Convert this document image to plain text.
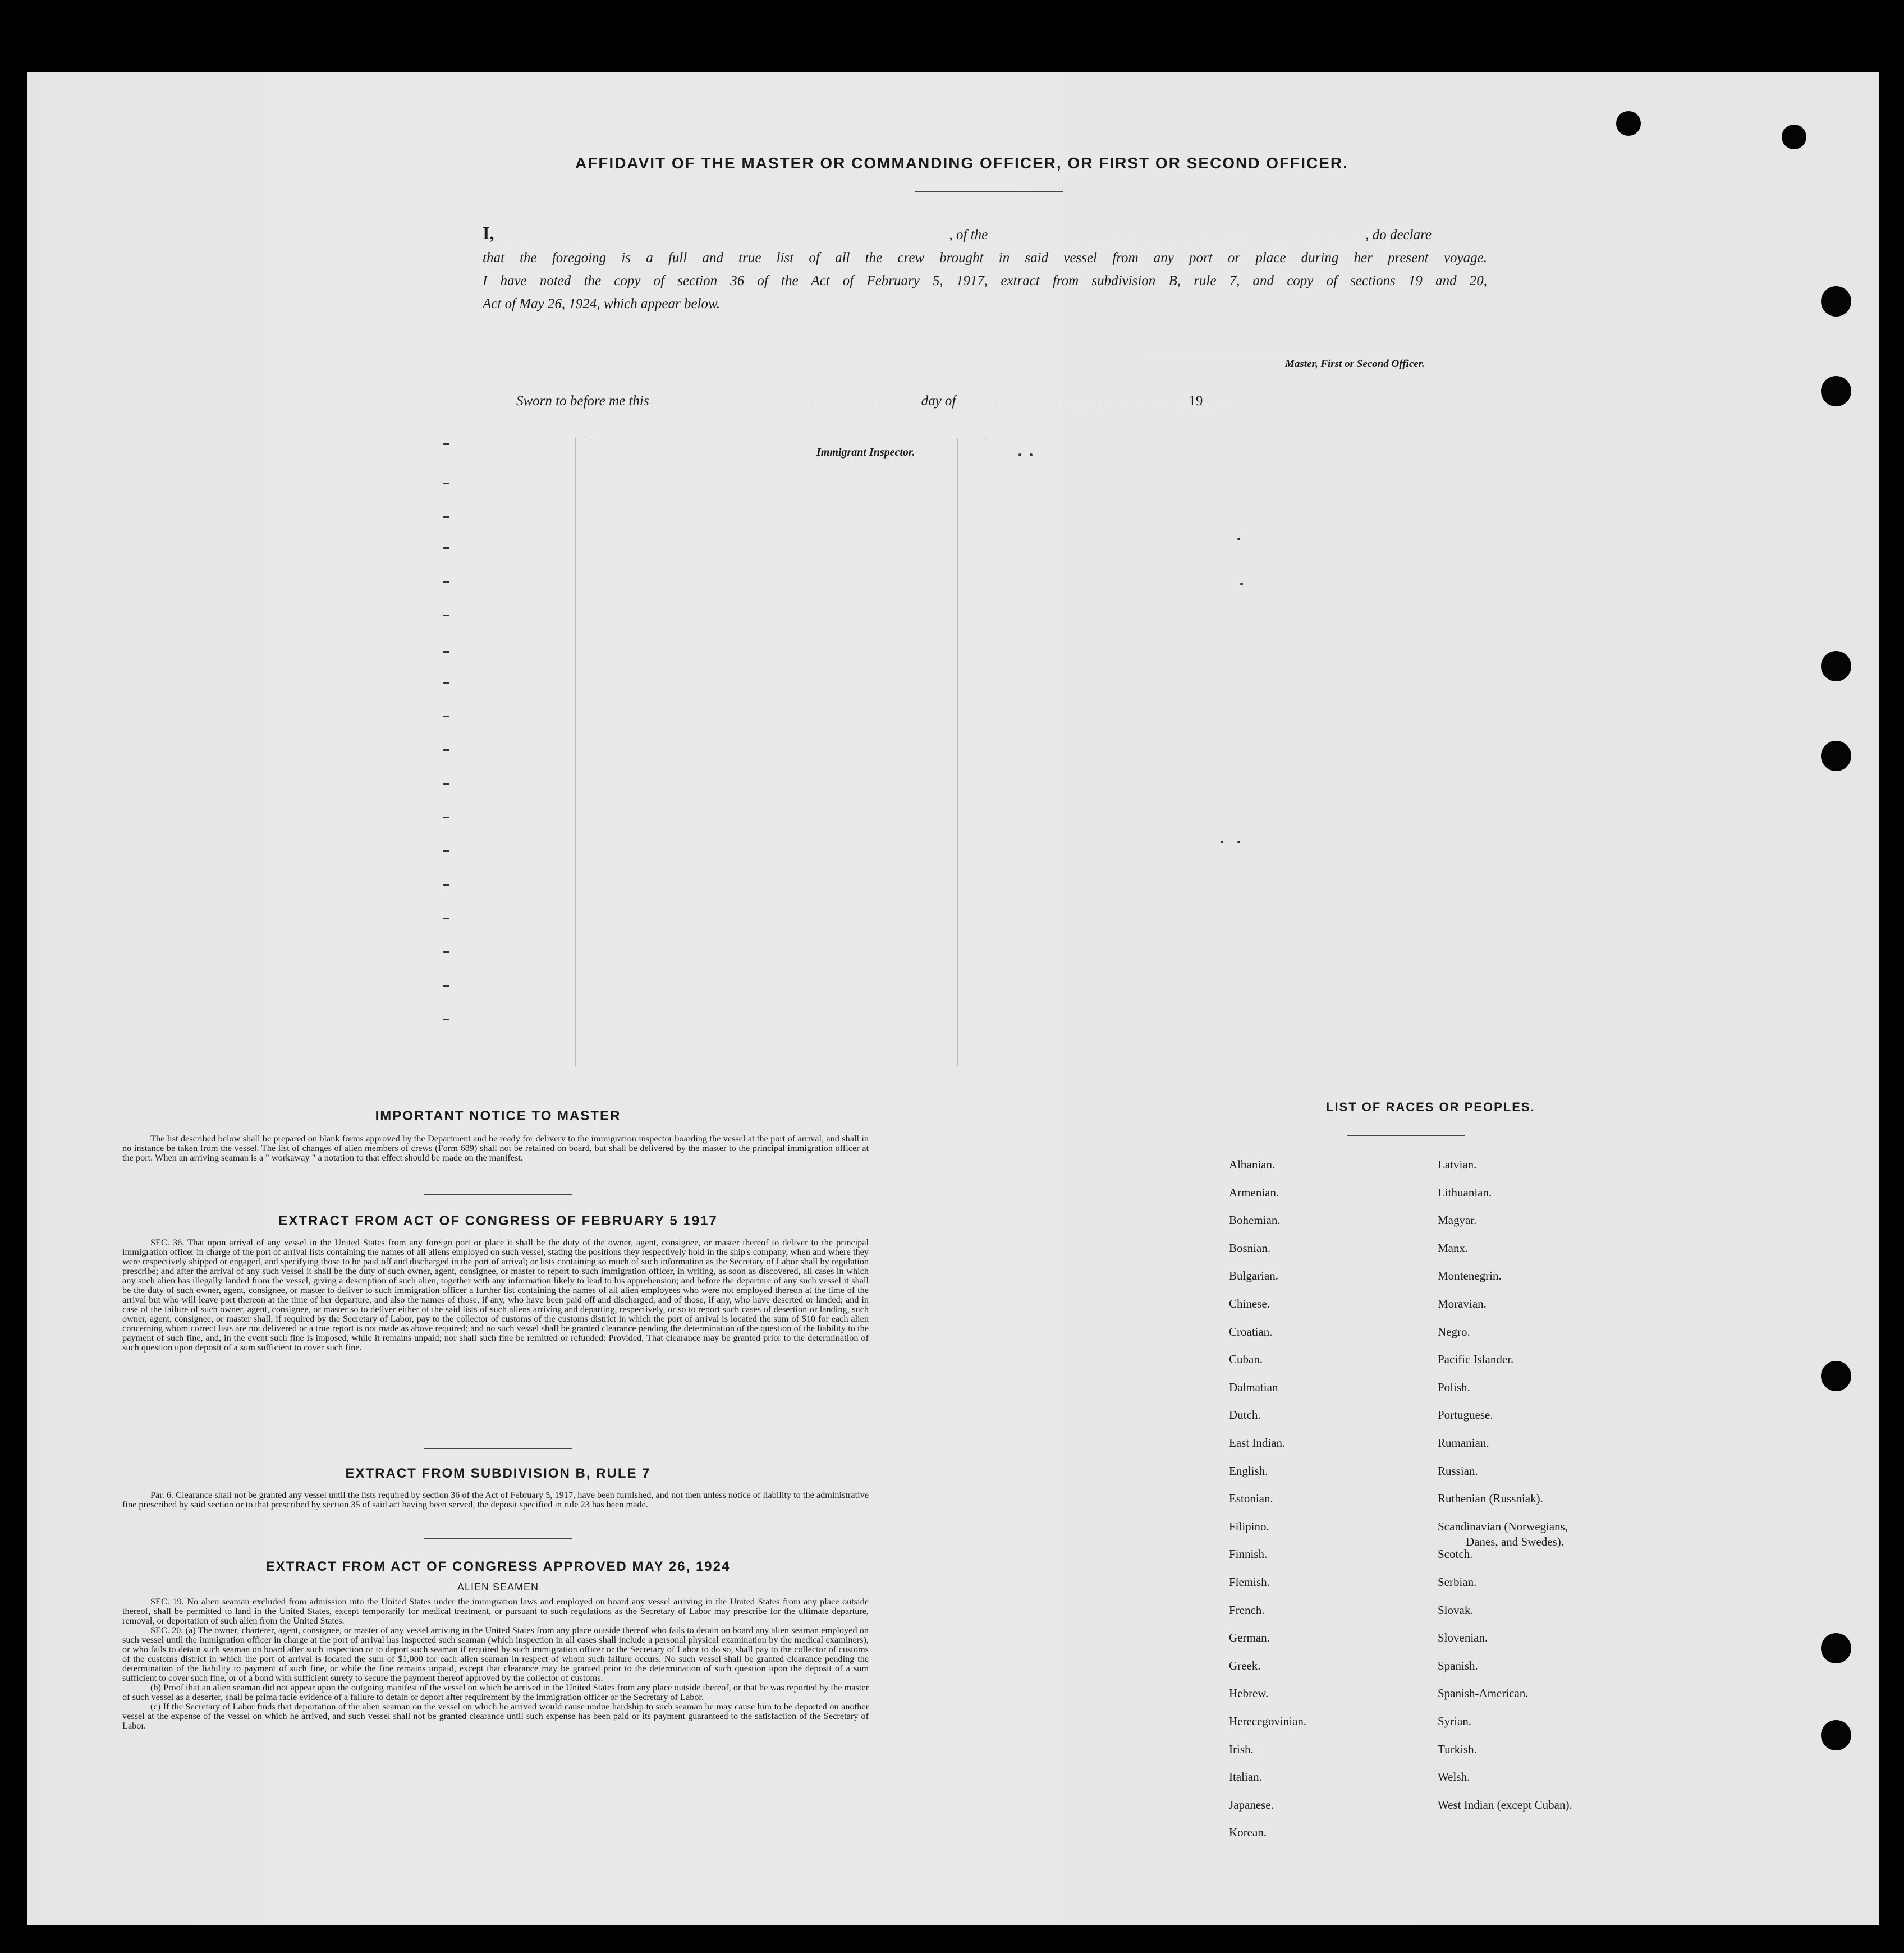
AFFIDAVIT OF THE MASTER OR COMMANDING OFFICER, OR FIRST OR SECOND OFFICER.
I,	, of the	, do declare
that the foregoing is a full and true list of all the crew brought in said vessel from any port or place during her present voyage.
I have noted the copy of section 36 of the Act of February 5, 1917, extract from subdivision B, rule 7, and copy of sections 19 and 20,
Act of May 26, 1924, which appear below.
Master, First or Second Officer.
Sworn to before me this	day of	19
Immigrant Inspector.
IMPORTANT NOTICE TO MASTER

The list described below shall be prepared on blank forms approved by the Department and be ready for delivery to the immigration inspector boarding the vessel at the port of arrival, and shall in no instance be taken from the vessel. The list of changes of alien members of crews (Form 689) shall not be retained on board, but shall be delivered by the master to the principal immigration officer at the port. When an arriving seaman is a " workaway " a notation to that effect should be made on the manifest.

EXTRACT FROM ACT OF CONGRESS OF FEBRUARY 5 1917

SEC. 36. That upon arrival of any vessel in the United States from any foreign port or place it shall be the duty of the owner, agent, consignee, or master thereof to deliver to the principal immigration officer in charge of the port of arrival lists containing the names of all aliens employed on such vessel, stating the positions they respectively hold in the ship's company, when and where they were respectively shipped or engaged, and specifying those to be paid off and discharged in the port of arrival; or lists containing so much of such information as the Secretary of Labor shall by regulation prescribe; and after the arrival of any such vessel it shall be the duty of such owner, agent, consignee, or master to report to such immigration officer, in writing, as soon as discovered, all cases in which any such alien has illegally landed from the vessel, giving a description of such alien, together with any information likely to lead to his apprehension; and before the departure of any such vessel it shall be the duty of such owner, agent, consignee, or master to deliver to such immigration officer a further list containing the names of all alien employees who were not employed thereon at the time of the arrival but who will leave port thereon at the time of her departure, and also the names of those, if any, who have been paid off and discharged, and of those, if any, who have deserted or landed; and in case of the failure of such owner, agent, consignee, or master so to deliver either of the said lists of such aliens arriving and departing, respectively, or so to report such cases of desertion or landing, such owner, agent, consignee, or master shall, if required by the Secretary of Labor, pay to the collector of customs of the customs district in which the port of arrival is located the sum of $10 for each alien concerning whom correct lists are not delivered or a true report is not made as above required; and no such vessel shall be granted clearance pending the determination of the question of the liability to the payment of such fine, and, in the event such fine is imposed, while it remains unpaid; nor shall such fine be remitted or refunded: Provided, That clearance may be granted prior to the determination of such question upon deposit of a sum sufficient to cover such fine.

EXTRACT FROM SUBDIVISION B, RULE 7

Par. 6. Clearance shall not be granted any vessel until the lists required by section 36 of the Act of February 5, 1917, have been furnished, and not then unless notice of liability to the administrative fine prescribed by said section or to that prescribed by section 35 of said act having been served, the deposit specified in rule 23 has been made.

EXTRACT FROM ACT OF CONGRESS APPROVED MAY 26, 1924
ALIEN SEAMEN

SEC. 19. No alien seaman excluded from admission into the United States under the immigration laws and employed on board any vessel arriving in the United States from any place outside thereof, shall be permitted to land in the United States, except temporarily for medical treatment, or pursuant to such regulations as the Secretary of Labor may prescribe for the ultimate departure, removal, or deportation of such alien from the United States.

SEC. 20. (a) The owner, charterer, agent, consignee, or master of any vessel arriving in the United States from any place outside thereof who fails to detain on board any alien seaman employed on such vessel until the immigration officer in charge at the port of arrival has inspected such seaman (which inspection in all cases shall include a personal physical examination by the medical examiners), or who fails to detain such seaman on board after such inspection or to deport such seaman if required by such immigration officer or the Secretary of Labor to do so, shall pay to the collector of customs of the customs district in which the port of arrival is located the sum of $1,000 for each alien seaman in respect of whom such failure occurs. No such vessel shall be granted clearance pending the determination of the liability to payment of such fine, or while the fine remains unpaid, except that clearance may be granted prior to the determination of such question upon the deposit of a sum sufficient to cover such fine, or of a bond with sufficient surety to secure the payment thereof approved by the collector of customs.

(b) Proof that an alien seaman did not appear upon the outgoing manifest of the vessel on which he arrived in the United States from any place outside thereof, or that he was reported by the master of such vessel as a deserter, shall be prima facie evidence of a failure to detain or deport after requirement by the immigration officer or the Secretary of Labor.

(c) If the Secretary of Labor finds that deportation of the alien seaman on the vessel on which he arrived would cause undue hardship to such seaman he may cause him to be deported on another vessel at the expense of the vessel on which he arrived, and such vessel shall not be granted clearance until such expense has been paid or its payment guaranteed to the satisfaction of the Secretary of Labor.

LIST OF RACES OR PEOPLES.
Albanian.
Armenian.
Bohemian.
Bosnian.
Bulgarian.
Chinese.
Croatian.
Cuban.
Dalmatian
Dutch.
East Indian.
English.
Estonian.
Filipino.
Finnish.
Flemish.
French.
German.
Greek.
Hebrew.
Herecegovinian.
Irish.
Italian.
Japanese.
Korean.
Latvian.
Lithuanian.
Magyar.
Manx.
Montenegrin.
Moravian.
Negro.
Pacific Islander.
Polish.
Portuguese.
Rumanian.
Russian.
Ruthenian (Russniak).
Scandinavian (Norwegians,
Danes, and Swedes).
Scotch.
Serbian.
Slovak.
Slovenian.
Spanish.
Spanish-American.
Syrian.
Turkish.
Welsh.
West Indian (except Cuban).
